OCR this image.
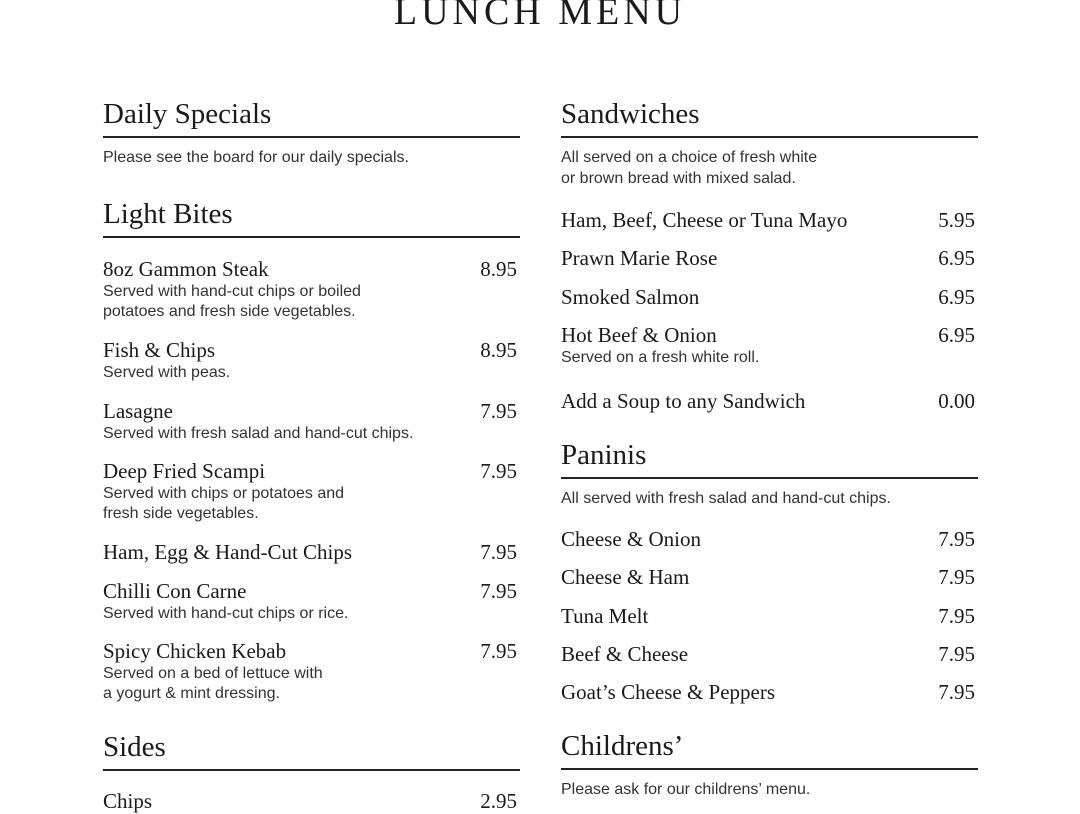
LUNCH MENU
Daily Specials
Please see the board for our daily specials.
Light Bites
8oz Gammon Steak	8.95
Served with hand-cut chips or boiled
potatoes and fresh side vegetables.
Fish & Chips	8.95
Served with peas.
Lasagne	7.95
Served with fresh salad and hand-cut chips.
Deep Fried Scampi	7.95
Served with chips or potatoes and
fresh side vegetables.
Ham, Egg & Hand-Cut Chips	7.95
Chilli Con Carne	7.95
Served with hand-cut chips or rice.
Spicy Chicken Kebab	7.95
Served on a bed of lettuce with
a yogurt & mint dressing.
Sides
Chips	2.95
Sandwiches
All served on a choice of fresh white
or brown bread with mixed salad.
Ham, Beef, Cheese or Tuna Mayo	5.95
Prawn Marie Rose	6.95
Smoked Salmon	6.95
Hot Beef & Onion	6.95
Served on a fresh white roll.
Add a Soup to any Sandwich	0.00
Paninis
All served with fresh salad and hand-cut chips.
Cheese & Onion	7.95
Cheese & Ham	7.95
Tuna Melt	7.95
Beef & Cheese	7.95
Goat’s Cheese & Peppers	7.95
Childrens’
Please ask for our childrens’ menu.
